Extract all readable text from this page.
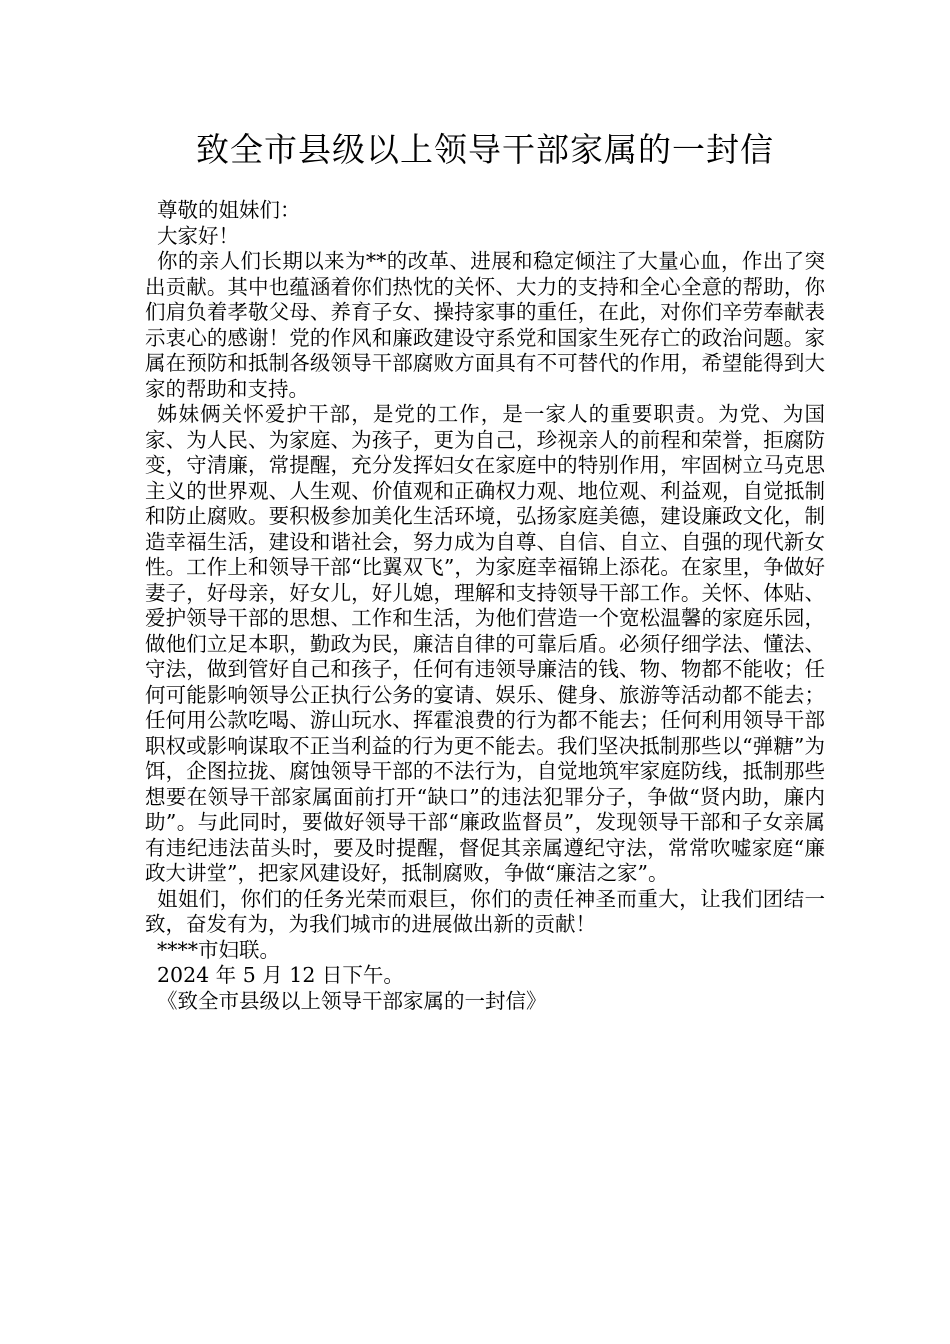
致全市县级以上领导干部家属的一封信

尊敬的姐妹们：

大家好！

你的亲人们长期以来为**的改革、进展和稳定倾注了大量心血，作出了突出贡献。其中也蕴涵着你们热忱的关怀、大力的支持和全心全意的帮助，你们肩负着孝敬父母、养育子女、操持家事的重任，在此，对你们辛劳奉献表示衷心的感谢！党的作风和廉政建设守系党和国家生死存亡的政治问题。家属在预防和抵制各级领导干部腐败方面具有不可替代的作用，希望能得到大家的帮助和支持。

姊妹俩关怀爱护干部，是党的工作，是一家人的重要职责。为党、为国家、为人民、为家庭、为孩子，更为自己，珍视亲人的前程和荣誉，拒腐防变，守清廉，常提醒，充分发挥妇女在家庭中的特别作用，牢固树立马克思主义的世界观、人生观、价值观和正确权力观、地位观、利益观，自觉抵制和防止腐败。要积极参加美化生活环境，弘扬家庭美德，建设廉政文化，制造幸福生活，建设和谐社会，努力成为自尊、自信、自立、自强的现代新女性。工作上和领导干部“比翼双飞”，为家庭幸福锦上添花。在家里，争做好妻子，好母亲，好女儿，好儿媳，理解和支持领导干部工作。关怀、体贴、爱护领导干部的思想、工作和生活，为他们营造一个宽松温馨的家庭乐园，做他们立足本职，勤政为民，廉洁自律的可靠后盾。必须仔细学法、懂法、守法，做到管好自己和孩子，任何有违领导廉洁的钱、物、物都不能收；任何可能影响领导公正执行公务的宴请、娱乐、健身、旅游等活动都不能去；任何用公款吃喝、游山玩水、挥霍浪费的行为都不能去；任何利用领导干部职权或影响谋取不正当利益的行为更不能去。我们坚决抵制那些以“弹糖”为饵，企图拉拢、腐蚀领导干部的不法行为，自觉地筑牢家庭防线，抵制那些想要在领导干部家属面前打开“缺口”的违法犯罪分子，争做“贤内助，廉内助”。与此同时，要做好领导干部“廉政监督员”，发现领导干部和子女亲属有违纪违法苗头时，要及时提醒，督促其亲属遵纪守法，常常吹嘘家庭“廉政大讲堂”，把家风建设好，抵制腐败，争做“廉洁之家”。

姐姐们，你们的任务光荣而艰巨，你们的责任神圣而重大，让我们团结一致，奋发有为，为我们城市的进展做出新的贡献！

****市妇联。

2024 年 5 月 12 日下午。

《致全市县级以上领导干部家属的一封信》
